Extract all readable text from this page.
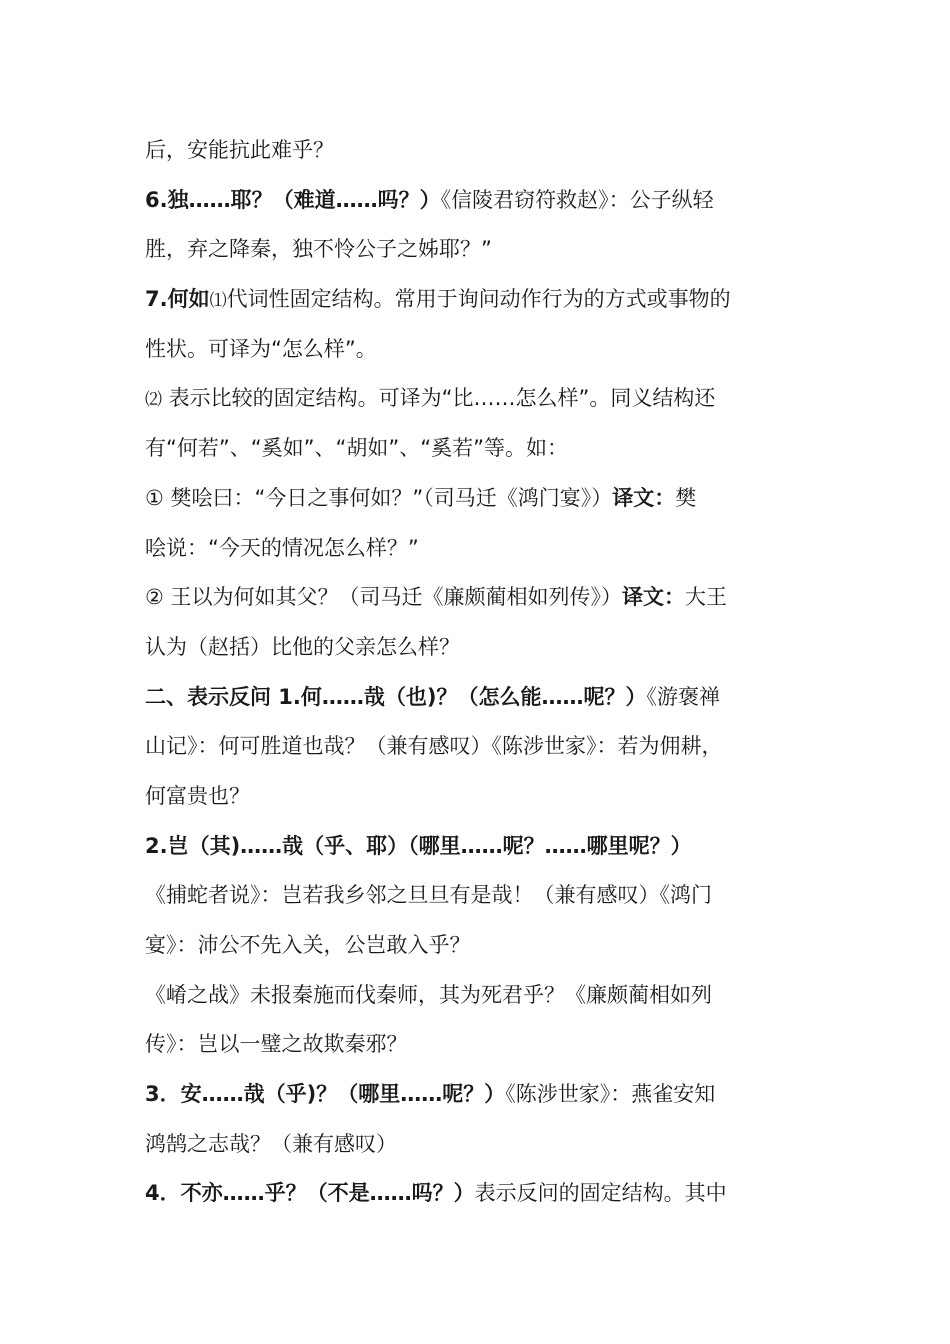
后，安能抗此难乎？
6.独……耶？（难道……吗？）《信陵君窃符救赵》：公子纵轻
胜，弃之降秦，独不怜公子之姊耶？”
7.何如⑴代词性固定结构。常用于询问动作行为的方式或事物的
性状。可译为“怎么样”。
⑵ 表示比较的固定结构。可译为“比……怎么样”。同义结构还
有“何若”、“奚如”、“胡如”、“奚若”等。如：
① 樊哙曰：“今日之事何如？”（司马迁《鸿门宴》）译文：樊
哙说：“今天的情况怎么样？”
② 王以为何如其父？（司马迁《廉颇蔺相如列传》）译文：大王
认为（赵括）比他的父亲怎么样？
二、表示反问 1.何……哉（也)？（怎么能……呢？）《游褒禅
山记》：何可胜道也哉？（兼有感叹）《陈涉世家》：若为佣耕，
何富贵也？
2.岂（其)……哉（乎、耶）（哪里……呢？……哪里呢？）
《捕蛇者说》：岂若我乡邻之旦旦有是哉！（兼有感叹）《鸿门
宴》：沛公不先入关，公岂敢入乎？
《崤之战》未报秦施而伐秦师，其为死君乎？《廉颇蔺相如列
传》：岂以一璧之故欺秦邪？
3．安……哉（乎)？（哪里……呢？）《陈涉世家》：燕雀安知
鸿鹄之志哉？（兼有感叹）
4．不亦……乎？（不是……吗？）表示反问的固定结构。其中
